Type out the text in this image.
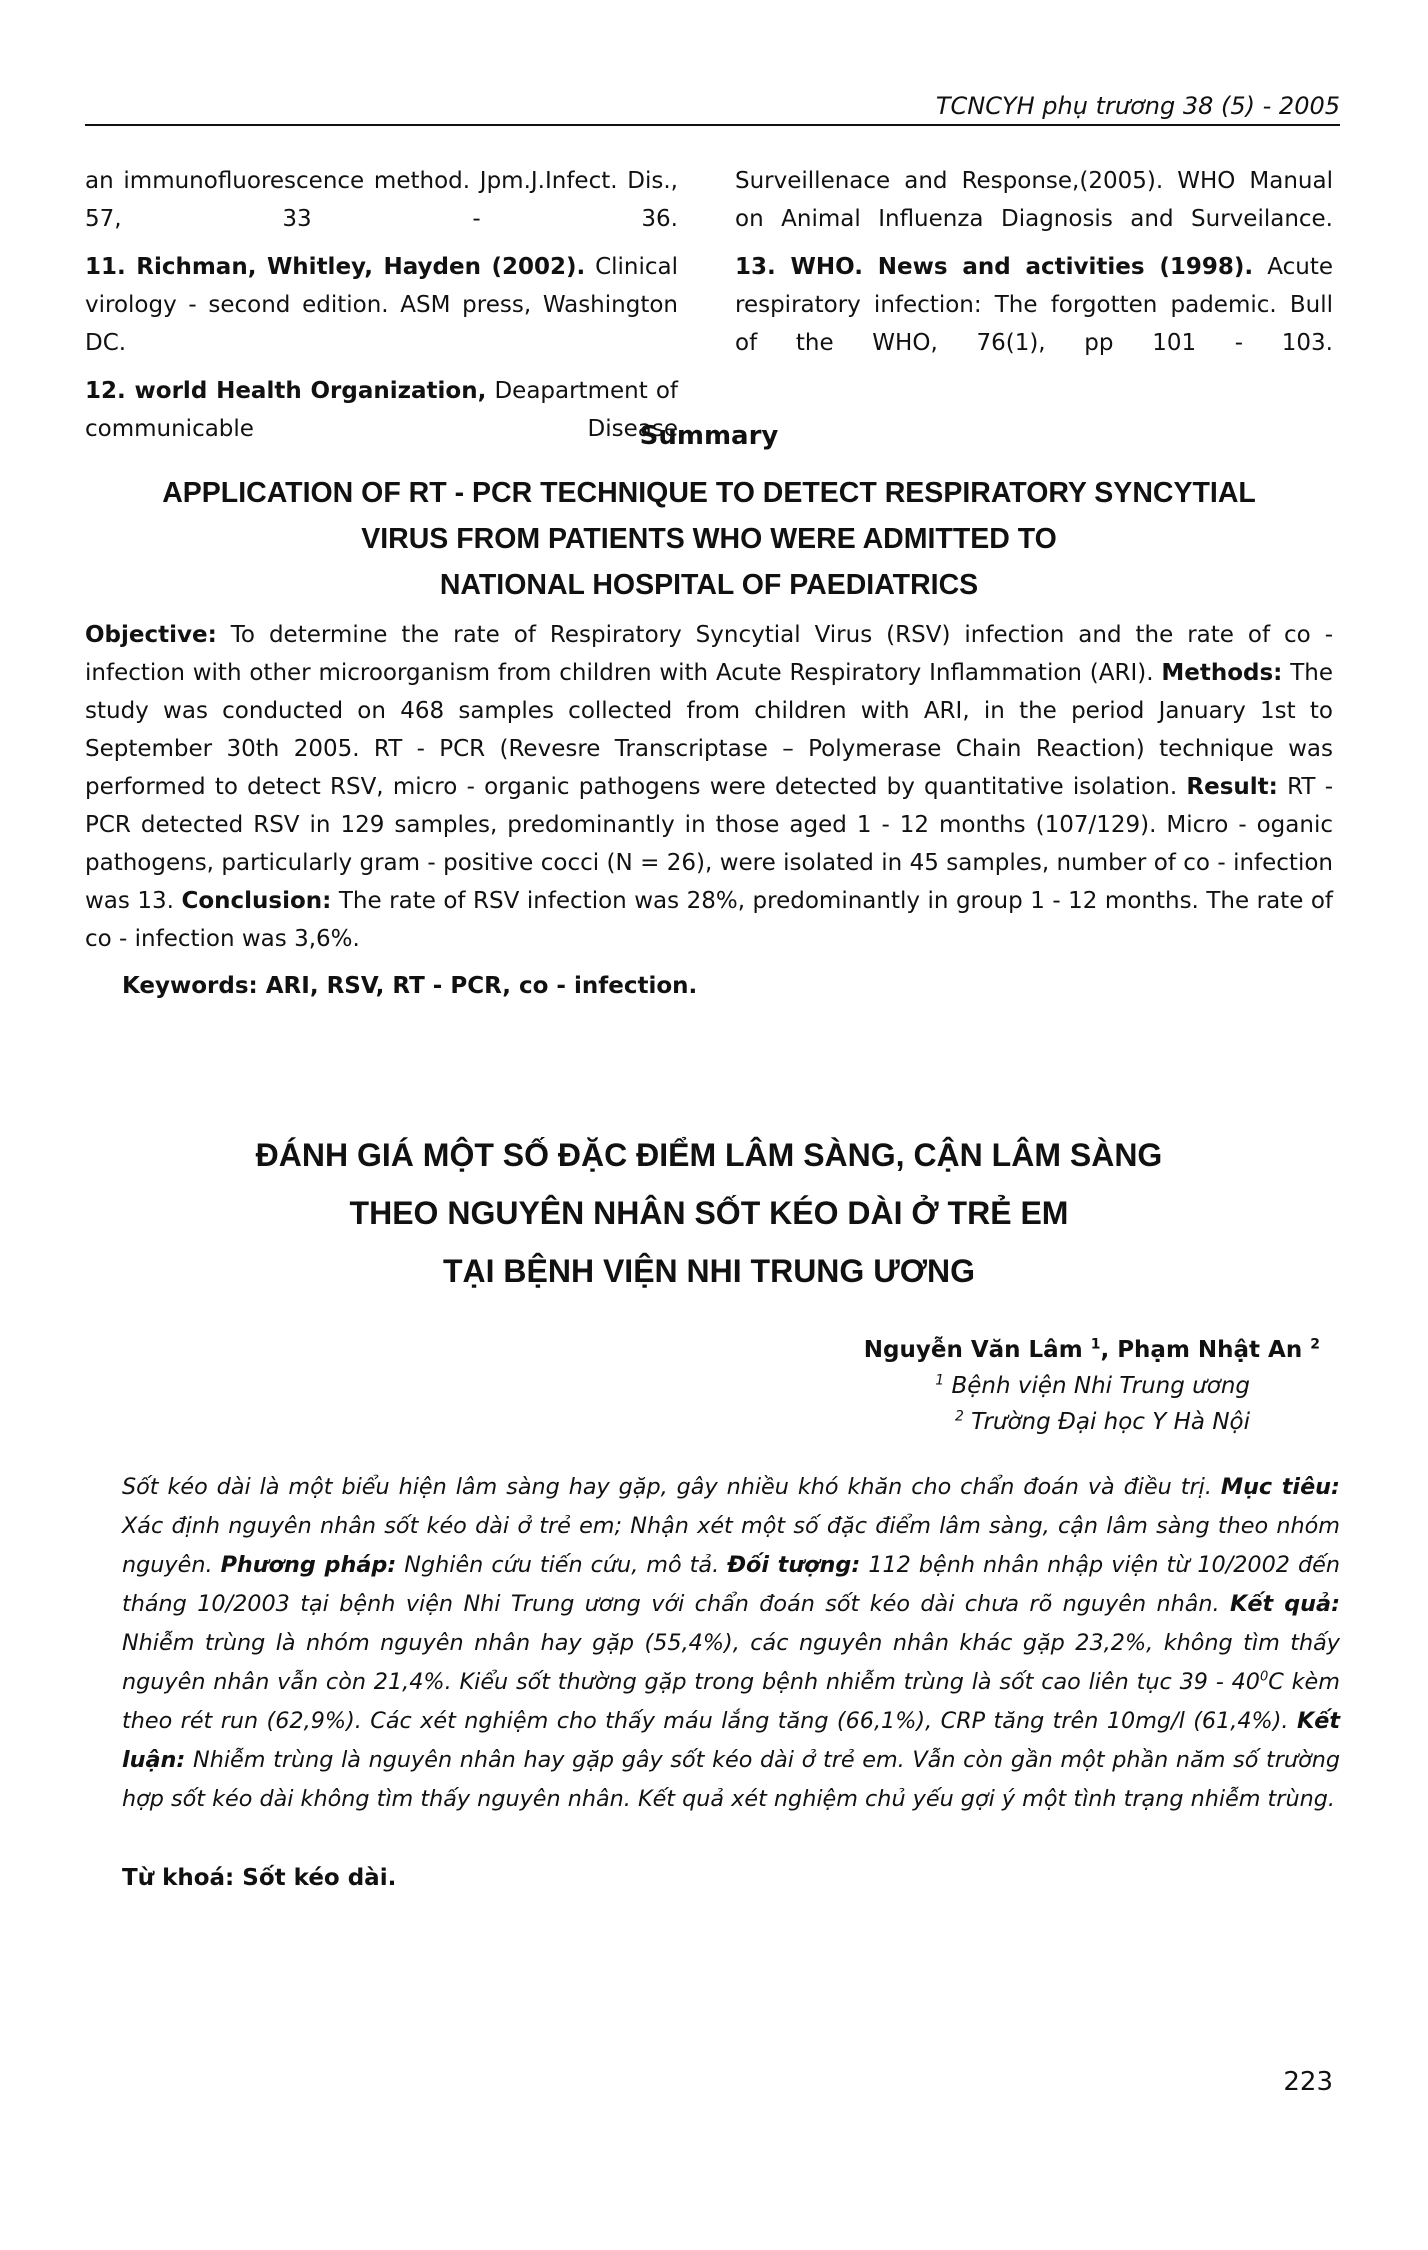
TCNCYH phụ trương 38 (5) - 2005
an immunofluorescence method. Jpm.J.Infect. Dis., 57, 33 - 36.
11. Richman, Whitley, Hayden (2002). Clinical virology - second edition. ASM press, Washington DC.
12. world Health Organization, Deapartment of communicable Disease
Surveillenace and Response,(2005). WHO Manual on Animal Influenza Diagnosis and Surveilance.
13. WHO. News and activities (1998). Acute respiratory infection: The forgotten pademic. Bull of the WHO, 76(1), pp 101 - 103.
Summary
APPLICATION OF RT - PCR TECHNIQUE TO DETECT RESPIRATORY SYNCYTIAL
VIRUS FROM PATIENTS WHO WERE ADMITTED TO
NATIONAL HOSPITAL OF PAEDIATRICS
Objective: To determine the rate of Respiratory Syncytial Virus (RSV) infection and the rate of co - infection with other microorganism from children with Acute Respiratory Inflammation (ARI). Methods: The study was conducted on 468 samples collected from children with ARI, in the period January 1st to September 30th 2005. RT - PCR (Revesre Transcriptase – Polymerase Chain Reaction) technique was performed to detect RSV, micro - organic pathogens were detected by quantitative isolation. Result: RT - PCR detected RSV in 129 samples, predominantly in those aged 1 - 12 months (107/129). Micro - oganic pathogens, particularly gram - positive cocci (N = 26), were isolated in 45 samples, number of co - infection was 13. Conclusion: The rate of RSV infection was 28%, predominantly in group 1 - 12 months. The rate of co - infection was 3,6%.
Keywords: ARI, RSV, RT - PCR, co - infection.
ĐÁNH GIÁ MỘT SỐ ĐẶC ĐIỂM LÂM SÀNG, CẬN LÂM SÀNG
THEO NGUYÊN NHÂN SỐT KÉO DÀI Ở TRẺ EM
TẠI BỆNH VIỆN NHI TRUNG ƯƠNG
Nguyễn Văn Lâm $^1$, Phạm Nhật An $^2$
$^1$ Bệnh viện Nhi Trung ương
$^2$ Trường Đại học Y Hà Nội
Sốt kéo dài là một biểu hiện lâm sàng hay gặp, gây nhiều khó khăn cho chẩn đoán và điều trị. Mục tiêu: Xác định nguyên nhân sốt kéo dài ở trẻ em; Nhận xét một số đặc điểm lâm sàng, cận lâm sàng theo nhóm nguyên. Phương pháp: Nghiên cứu tiến cứu, mô tả. Đối tượng: 112 bệnh nhân nhập viện từ 10/2002 đến tháng 10/2003 tại bệnh viện Nhi Trung ương với chẩn đoán sốt kéo dài chưa rõ nguyên nhân. Kết quả: Nhiễm trùng là nhóm nguyên nhân hay gặp (55,4%), các nguyên nhân khác gặp 23,2%, không tìm thấy nguyên nhân vẫn còn 21,4%. Kiểu sốt thường gặp trong bệnh nhiễm trùng là sốt cao liên tục $39 - 40^0C$ kèm theo rét run (62,9%). Các xét nghiệm cho thấy máu lắng tăng (66,1%), CRP tăng trên 10mg/l (61,4%). Kết luận: Nhiễm trùng là nguyên nhân hay gặp gây sốt kéo dài ở trẻ em. Vẫn còn gần một phần năm số trường hợp sốt kéo dài không tìm thấy nguyên nhân. Kết quả xét nghiệm chủ yếu gợi ý một tình trạng nhiễm trùng.
Từ khoá: Sốt kéo dài.
223
